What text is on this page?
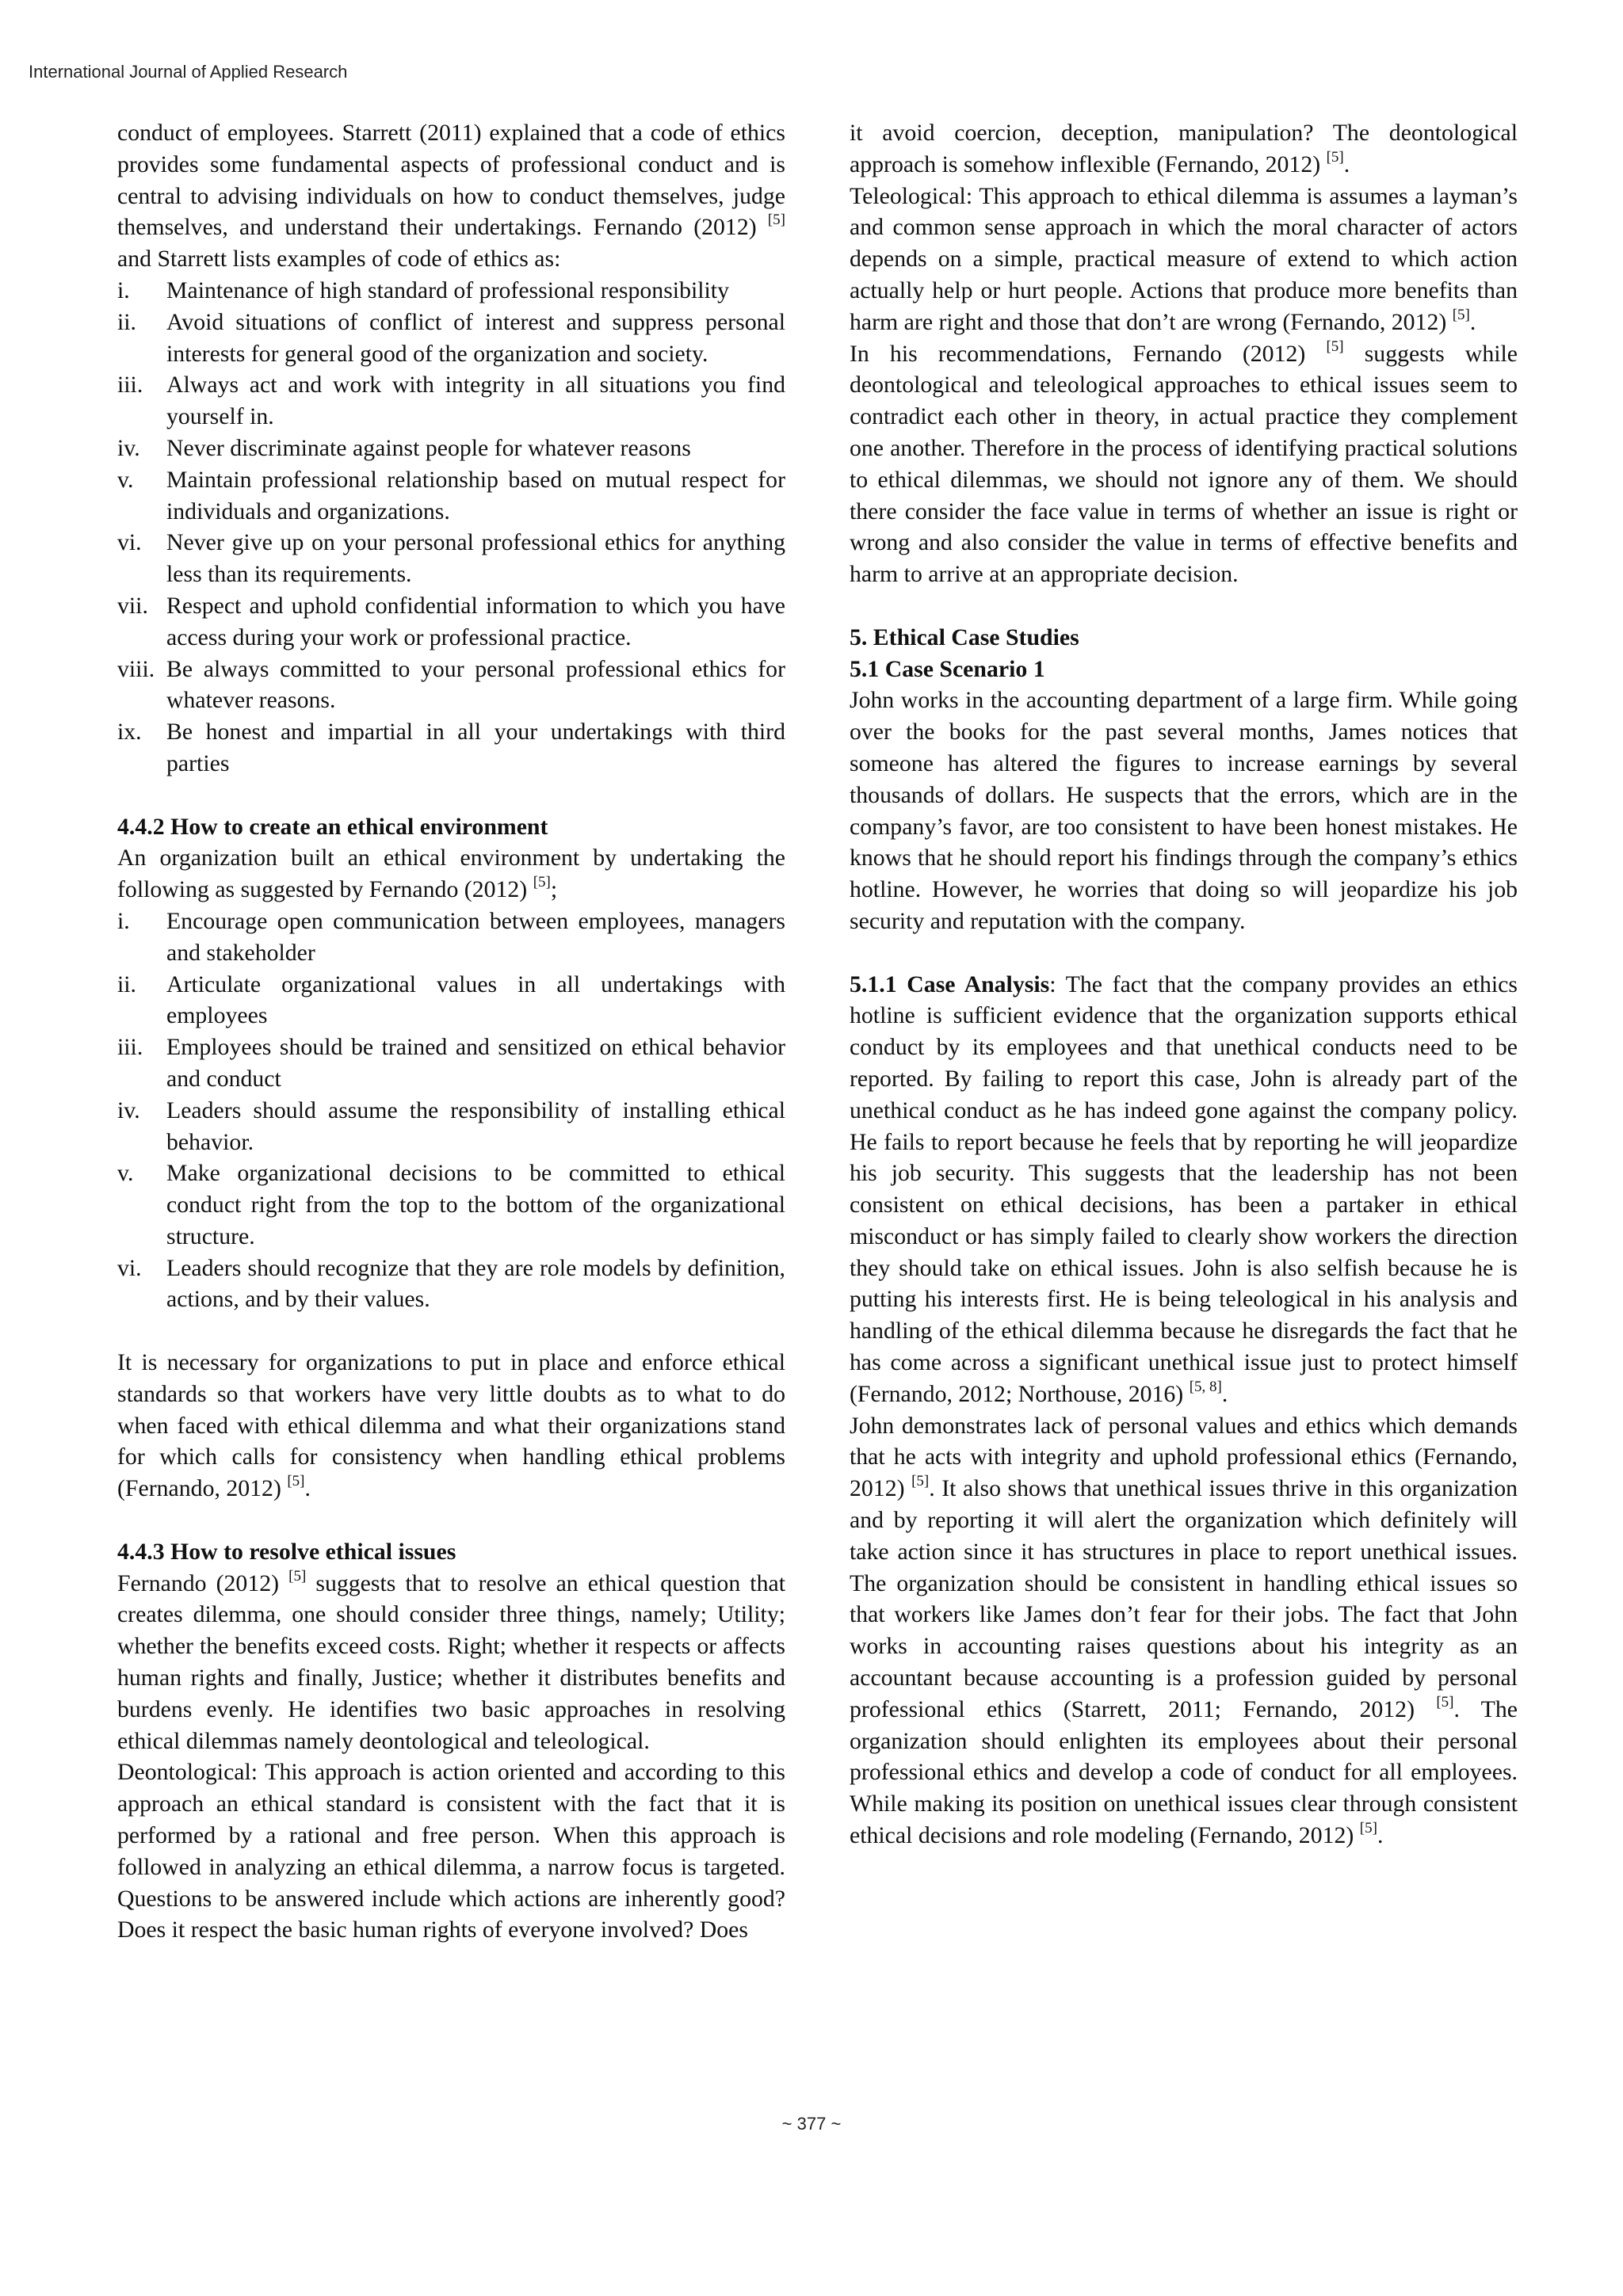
International Journal of Applied Research

conduct of employees. Starrett (2011) explained that a code of ethics provides some fundamental aspects of professional conduct and is central to advising individuals on how to conduct themselves, judge themselves, and understand their undertakings. Fernando (2012) [5] and Starrett lists examples of code of ethics as:

i.	Maintenance of high standard of professional responsibility
ii.	Avoid situations of conflict of interest and suppress personal interests for general good of the organization and society.
iii. Always act and work with integrity in all situations you find yourself in.
iv.	Never discriminate against people for whatever reasons
v.	Maintain professional relationship based on mutual respect for individuals and organizations.
vi.	Never give up on your personal professional ethics for anything less than its requirements.
vii. Respect and uphold confidential information to which you have access during your work or professional practice.
viii. Be always committed to your personal professional ethics for whatever reasons.
ix.	Be honest and impartial in all your undertakings with third parties
4.4.2 How to create an ethical environment

An organization built an ethical environment by undertaking the following as suggested by Fernando (2012) [5];

i.	Encourage open communication between employees, managers and stakeholder
ii.	Articulate organizational values in all undertakings with employees
iii. Employees should be trained and sensitized on ethical behavior and conduct
iv.	Leaders should assume the responsibility of installing ethical behavior.
v.	Make organizational decisions to be committed to ethical conduct right from the top to the bottom of the organizational structure.
vi.	Leaders should recognize that they are role models by definition, actions, and by their values.

It is necessary for organizations to put in place and enforce ethical standards so that workers have very little doubts as to what to do when faced with ethical dilemma and what their organizations stand for which calls for consistency when handling ethical problems (Fernando, 2012) [5].

4.4.3 How to resolve ethical issues

Fernando (2012) [5] suggests that to resolve an ethical question that creates dilemma, one should consider three things, namely; Utility; whether the benefits exceed costs. Right; whether it respects or affects human rights and finally, Justice; whether it distributes benefits and burdens evenly. He identifies two basic approaches in resolving ethical dilemmas namely deontological and teleological.

Deontological: This approach is action oriented and according to this approach an ethical standard is consistent with the fact that it is performed by a rational and free person. When this approach is followed in analyzing an ethical dilemma, a narrow focus is targeted. Questions to be answered include which actions are inherently good? Does it respect the basic human rights of everyone involved? Does

it avoid coercion, deception, manipulation? The deontological approach is somehow inflexible (Fernando, 2012) [5].

Teleological: This approach to ethical dilemma is assumes a layman’s and common sense approach in which the moral character of actors depends on a simple, practical measure of extend to which action actually help or hurt people. Actions that produce more benefits than harm are right and those that don’t are wrong (Fernando, 2012) [5].

In his recommendations, Fernando (2012) [5] suggests while deontological and teleological approaches to ethical issues seem to contradict each other in theory, in actual practice they complement one another. Therefore in the process of identifying practical solutions to ethical dilemmas, we should not ignore any of them. We should there consider the face value in terms of whether an issue is right or wrong and also consider the value in terms of effective benefits and harm to arrive at an appropriate decision.

5. Ethical Case Studies
5.1 Case Scenario 1

John works in the accounting department of a large firm. While going over the books for the past several months, James notices that someone has altered the figures to increase earnings by several thousands of dollars. He suspects that the errors, which are in the company’s favor, are too consistent to have been honest mistakes. He knows that he should report his findings through the company’s ethics hotline. However, he worries that doing so will jeopardize his job security and reputation with the company.

5.1.1 Case Analysis: The fact that the company provides an ethics hotline is sufficient evidence that the organization supports ethical conduct by its employees and that unethical conducts need to be reported. By failing to report this case, John is already part of the unethical conduct as he has indeed gone against the company policy. He fails to report because he feels that by reporting he will jeopardize his job security. This suggests that the leadership has not been consistent on ethical decisions, has been a partaker in ethical misconduct or has simply failed to clearly show workers the direction they should take on ethical issues. John is also selfish because he is putting his interests first. He is being teleological in his analysis and handling of the ethical dilemma because he disregards the fact that he has come across a significant unethical issue just to protect himself (Fernando, 2012; Northouse, 2016) [5, 8].

John demonstrates lack of personal values and ethics which demands that he acts with integrity and uphold professional ethics (Fernando, 2012) [5]. It also shows that unethical issues thrive in this organization and by reporting it will alert the organization which definitely will take action since it has structures in place to report unethical issues. The organization should be consistent in handling ethical issues so that workers like James don’t fear for their jobs. The fact that John works in accounting raises questions about his integrity as an accountant because accounting is a profession guided by personal professional ethics (Starrett, 2011; Fernando, 2012) [5]. The organization should enlighten its employees about their personal professional ethics and develop a code of conduct for all employees. While making its position on unethical issues clear through consistent ethical decisions and role modeling (Fernando, 2012) [5].

~ 377 ~
